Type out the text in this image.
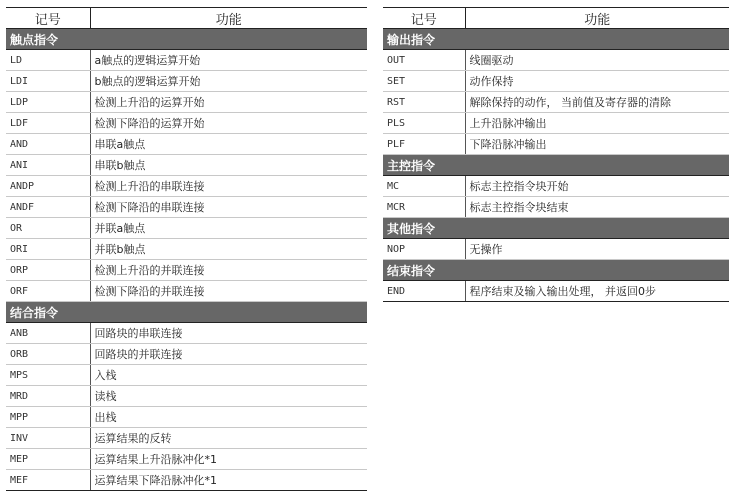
记号	功能
触点指令	
LD	a触点的逻辑运算开始
LDI	b触点的逻辑运算开始
LDP	检测上升沿的运算开始
LDF	检测下降沿的运算开始
AND	串联a触点
ANI	串联b触点
ANDP	检测上升沿的串联连接
ANDF	检测下降沿的串联连接
OR	并联a触点
ORI	并联b触点
ORP	检测上升沿的并联连接
ORF	检测下降沿的并联连接
结合指令	
ANB	回路块的串联连接
ORB	回路块的并联连接
MPS	入栈
MRD	读栈
MPP	出栈
INV	运算结果的反转
MEP	运算结果上升沿脉冲化*1
MEF	运算结果下降沿脉冲化*1
记号	功能
输出指令	
OUT	线圈驱动
SET	动作保持
RST	解除保持的动作， 当前值及寄存器的清除
PLS	上升沿脉冲输出
PLF	下降沿脉冲输出
主控指令	
MC	标志主控指令块开始
MCR	标志主控指令块结束
其他指令	
NOP	无操作
结束指令	
END	程序结束及输入输出处理， 并返回0步
